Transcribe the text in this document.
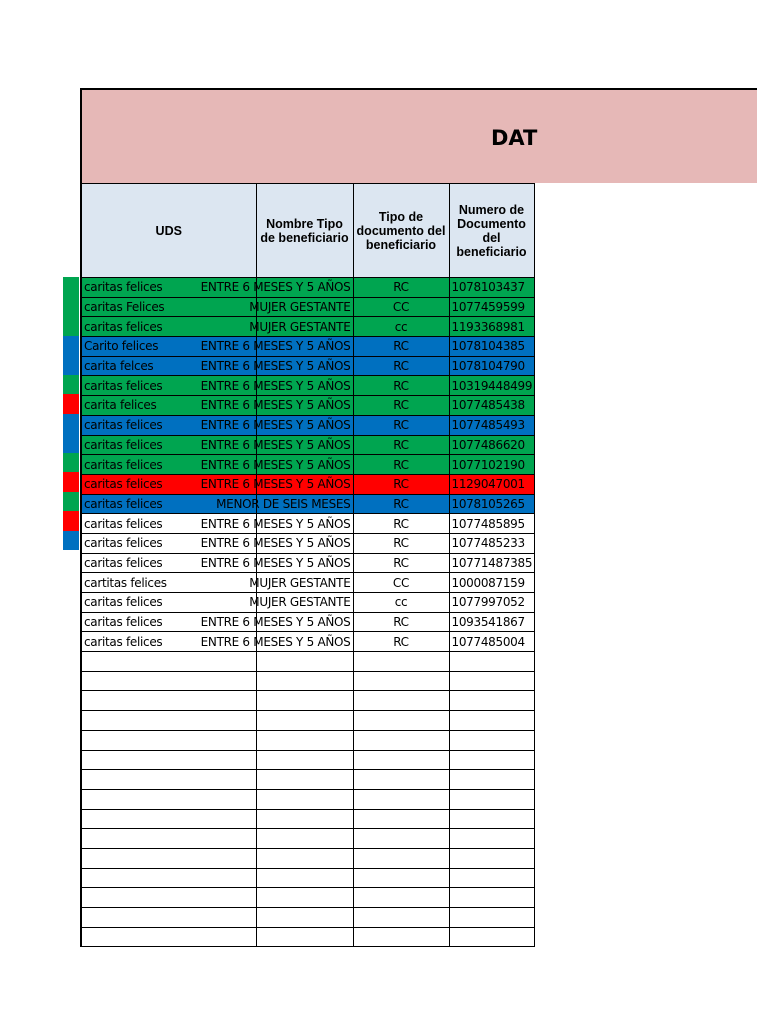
DAT
UDS	Nombre Tipo de beneficiario	Tipo de documento del beneficiario	Numero de Documento del beneficiario
caritas felices	ENTRE 6 MESES Y 5 AÑOS	RC	1078103437
caritas Felices	MUJER GESTANTE	CC	1077459599
caritas felices	MUJER GESTANTE	cc	1193368981
Carito felices	ENTRE 6 MESES Y 5 AÑOS	RC	1078104385
carita felces	ENTRE 6 MESES Y 5 AÑOS	RC	1078104790
caritas felices	ENTRE 6 MESES Y 5 AÑOS	RC	10319448499
carita felices	ENTRE 6 MESES Y 5 AÑOS	RC	1077485438
caritas felices	ENTRE 6 MESES Y 5 AÑOS	RC	1077485493
caritas felices	ENTRE 6 MESES Y 5 AÑOS	RC	1077486620
caritas felices	ENTRE 6 MESES Y 5 AÑOS	RC	1077102190
caritas felices	ENTRE 6 MESES Y 5 AÑOS	RC	1129047001
caritas felices	MENOR DE SEIS MESES	RC	1078105265
caritas felices	ENTRE 6 MESES Y 5 AÑOS	RC	1077485895
caritas felices	ENTRE 6 MESES Y 5 AÑOS	RC	1077485233
caritas felices	ENTRE 6 MESES Y 5 AÑOS	RC	10771487385
cartitas felices	MUJER GESTANTE	CC	1000087159
caritas felices	MUJER GESTANTE	cc	1077997052
caritas felices	ENTRE 6 MESES Y 5 AÑOS	RC	1093541867
caritas felices	ENTRE 6 MESES Y 5 AÑOS	RC	1077485004
